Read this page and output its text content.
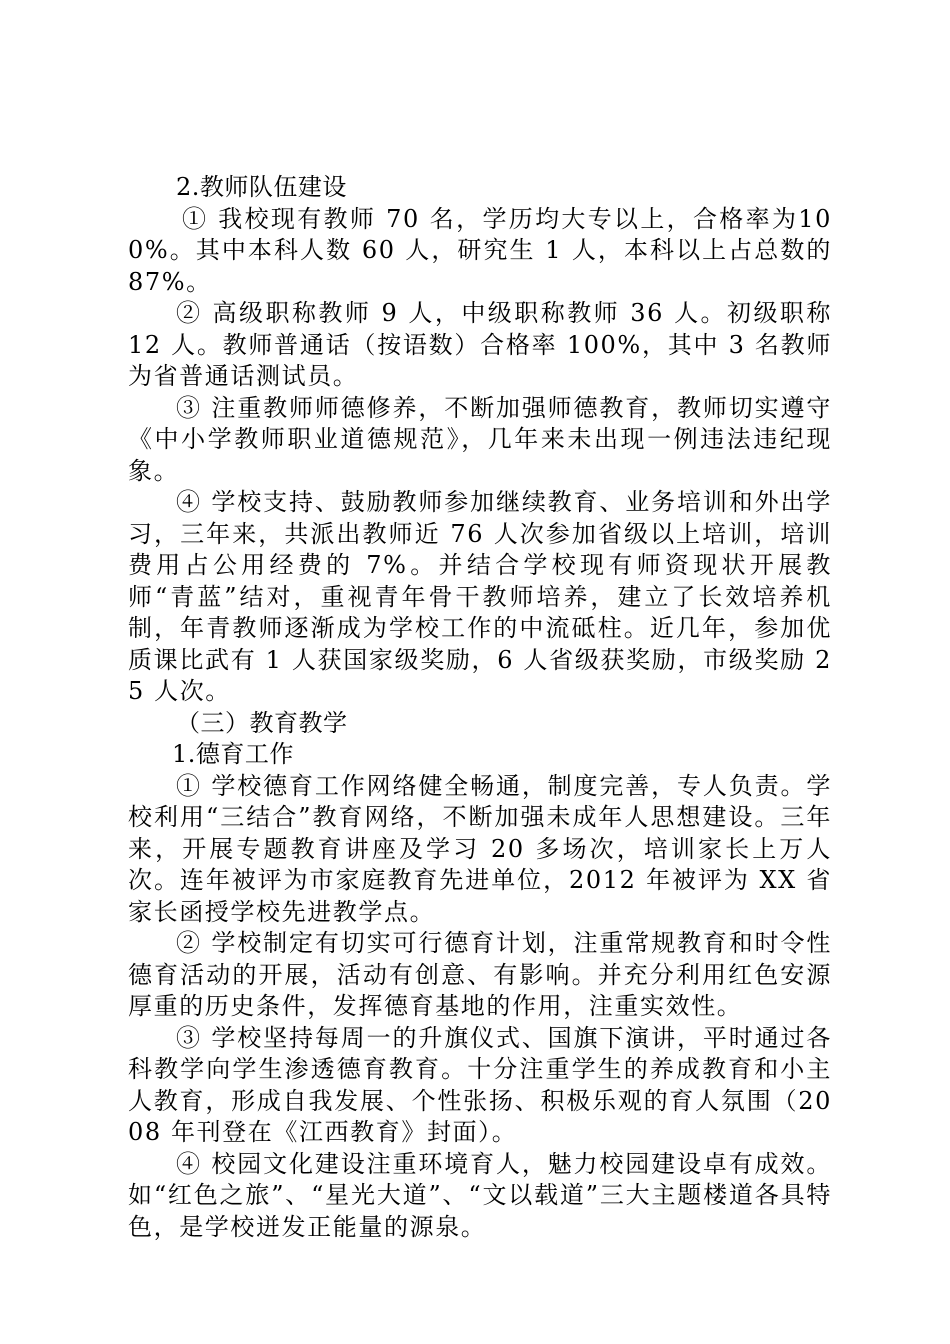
2.教师队伍建设

① 我校现有教师 70 名，学历均大专以上，合格率为100%。其中本科人数 60 人，研究生 1 人，本科以上占总数的87%。

② 高级职称教师 9 人，中级职称教师 36 人。初级职称 12 人。教师普通话（按语数）合格率 100%，其中 3 名教师为省普通话测试员。

③ 注重教师师德修养，不断加强师德教育，教师切实遵守《中小学教师职业道德规范》，几年来未出现一例违法违纪现象。

④ 学校支持、鼓励教师参加继续教育、业务培训和外出学习，三年来，共派出教师近 76 人次参加省级以上培训，培训费用占公用经费的 7%。并结合学校现有师资现状开展教师“青蓝”结对，重视青年骨干教师培养，建立了长效培养机制，年青教师逐渐成为学校工作的中流砥柱。近几年，参加优质课比武有 1 人获国家级奖励，6 人省级获奖励，市级奖励 25 人次。

（三）教育教学

1.德育工作

① 学校德育工作网络健全畅通，制度完善，专人负责。学校利用“三结合”教育网络，不断加强未成年人思想建设。三年来，开展专题教育讲座及学习 20 多场次，培训家长上万人次。连年被评为市家庭教育先进单位，2012 年被评为 XX 省家长函授学校先进教学点。

② 学校制定有切实可行德育计划，注重常规教育和时令性德育活动的开展，活动有创意、有影响。并充分利用红色安源厚重的历史条件，发挥德育基地的作用，注重实效性。

③ 学校坚持每周一的升旗仪式、国旗下演讲，平时通过各科教学向学生渗透德育教育。十分注重学生的养成教育和小主人教育，形成自我发展、个性张扬、积极乐观的育人氛围（2008 年刊登在《江西教育》封面）。

④ 校园文化建设注重环境育人，魅力校园建设卓有成效。如“红色之旅”、“星光大道”、“文以载道”三大主题楼道各具特色，是学校迸发正能量的源泉。
